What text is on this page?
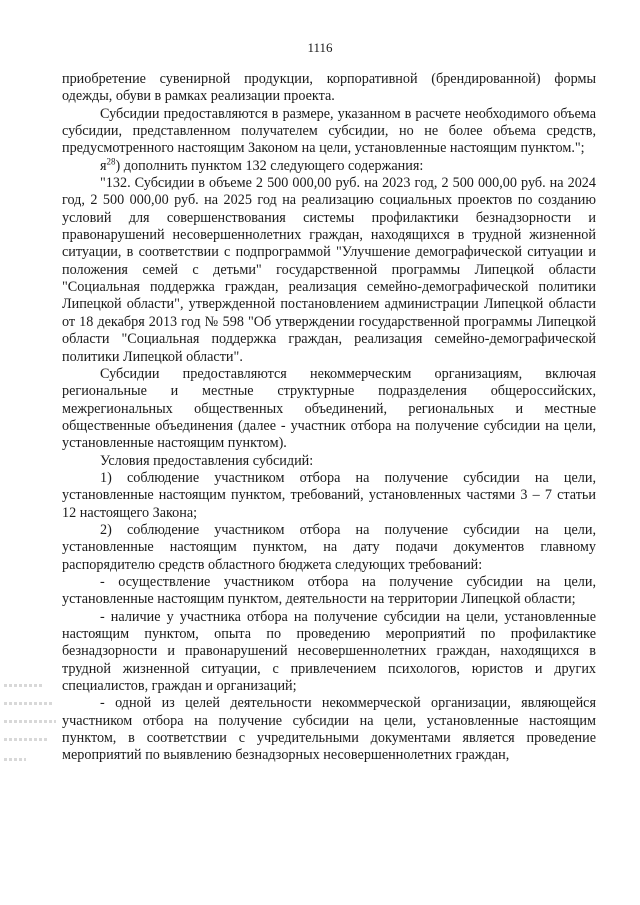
1116

приобретение сувенирной продукции, корпоративной (брендированной) формы одежды, обуви в рамках реализации проекта.

Субсидии предоставляются в размере, указанном в расчете необходимого объема субсидии, представленном получателем субсидии, но не более объема средств, предусмотренного настоящим Законом на цели, установленные настоящим пунктом.";

$я^{28}$) дополнить пунктом 132 следующего содержания:

"132. Субсидии в объеме 2 500 000,00 руб. на 2023 год, 2 500 000,00 руб. на 2024 год, 2 500 000,00 руб. на 2025 год на реализацию социальных проектов по созданию условий для совершенствования системы профилактики безнадзорности и правонарушений несовершеннолетних граждан, находящихся в трудной жизненной ситуации, в соответствии с подпрограммой "Улучшение демографической ситуации и положения семей с детьми" государственной программы Липецкой области "Социальная поддержка граждан, реализация семейно-демографической политики Липецкой области", утвержденной постановлением администрации Липецкой области от 18 декабря 2013 год № 598 "Об утверждении государственной программы Липецкой области "Социальная поддержка граждан, реализация семейно-демографической политики Липецкой области".

Субсидии предоставляются некоммерческим организациям, включая региональные и местные структурные подразделения общероссийских, межрегиональных общественных объединений, региональных и местные общественные объединения (далее - участник отбора на получение субсидии на цели, установленные настоящим пунктом).

Условия предоставления субсидий:

1) соблюдение участником отбора на получение субсидии на цели, установленные настоящим пунктом, требований, установленных частями 3 – 7 статьи 12 настоящего Закона;

2) соблюдение участником отбора на получение субсидии на цели, установленные настоящим пунктом, на дату подачи документов главному распорядителю средств областного бюджета следующих требований:

- осуществление участником отбора на получение субсидии на цели, установленные настоящим пунктом, деятельности на территории Липецкой области;

- наличие у участника отбора на получение субсидии на цели, установленные настоящим пунктом, опыта по проведению мероприятий по профилактике безнадзорности и правонарушений несовершеннолетних граждан, находящихся в трудной жизненной ситуации, с привлечением психологов, юристов и других специалистов, граждан и организаций;

- одной из целей деятельности некоммерческой организации, являющейся участником отбора на получение субсидии на цели, установленные настоящим пунктом, в соответствии с учредительными документами является проведение мероприятий по выявлению безнадзорных несовершеннолетних граждан,
